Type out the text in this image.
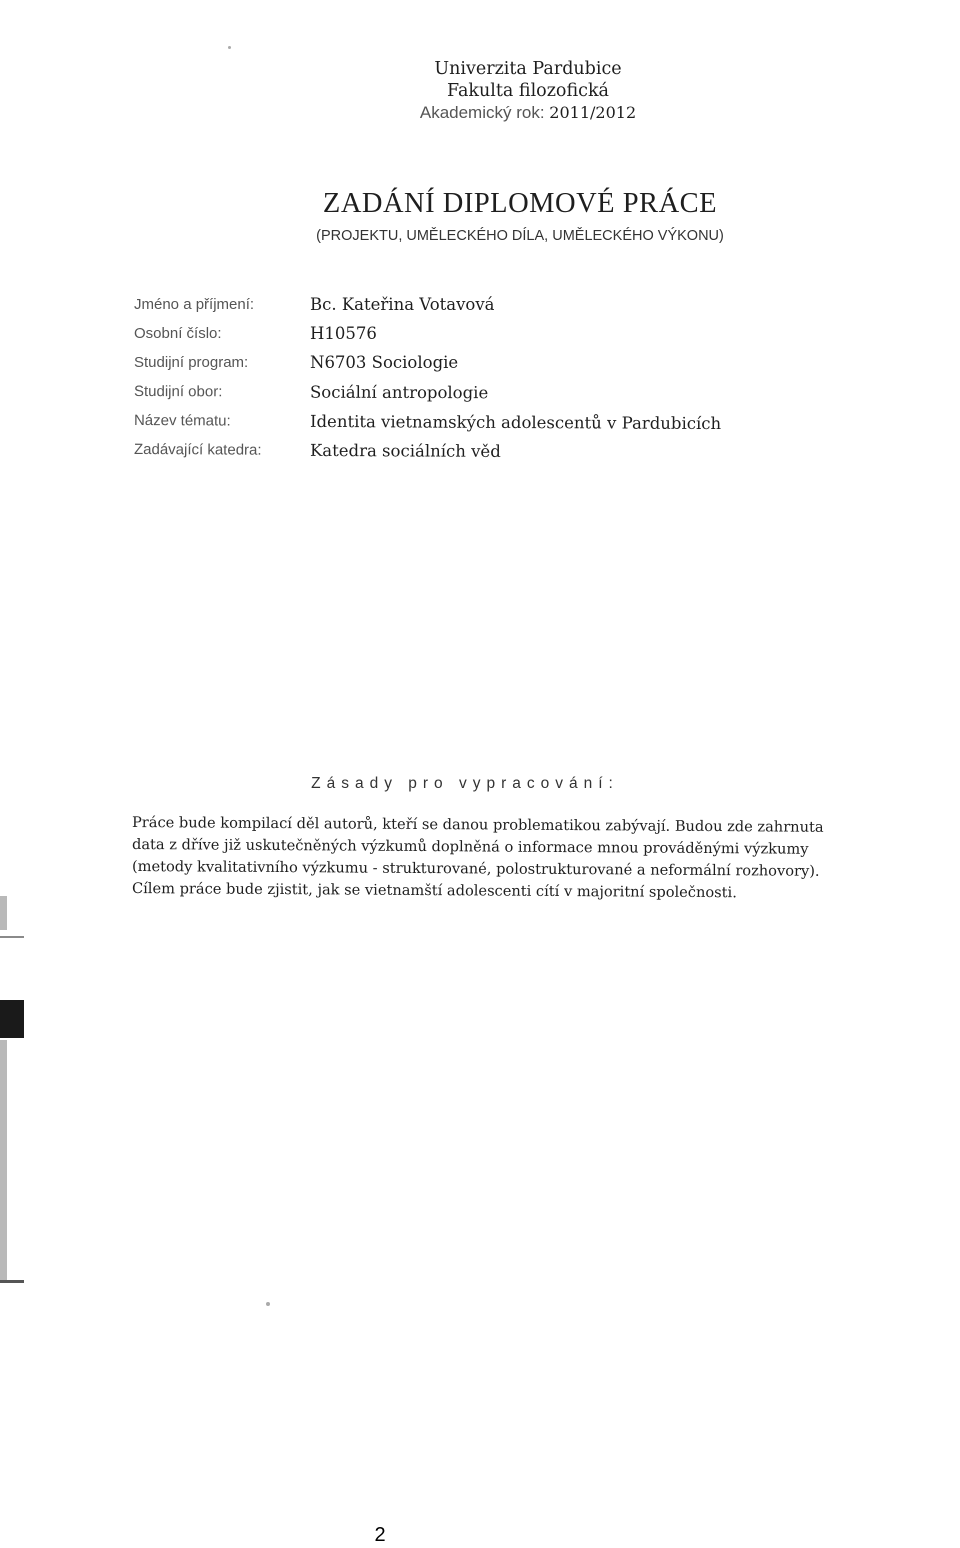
Univerzita Pardubice
Fakulta filozofická
Akademický rok: 2011/2012
ZADÁNÍ DIPLOMOVÉ PRÁCE
(PROJEKTU, UMĚLECKÉHO DÍLA, UMĚLECKÉHO VÝKONU)
Jméno a příjmení:	Bc. Kateřina Votavová
Osobní číslo:	H10576
Studijní program:	N6703 Sociologie
Studijní obor:	Sociální antropologie
Název tématu:	Identita vietnamských adolescentů v Pardubicích
Zadávající katedra:	Katedra sociálních věd
Zásady pro vypracování:
Práce bude kompilací děl autorů, kteří se danou problematikou zabývají. Budou zde zahrnuta
data z dříve již uskutečněných výzkumů doplněná o informace mnou prováděnými výzkumy
(metody kvalitativního výzkumu - strukturované, polostrukturované a neformální rozhovory).
Cílem práce bude zjistit, jak se vietnamští adolescenti cítí v majoritní společnosti.
2
